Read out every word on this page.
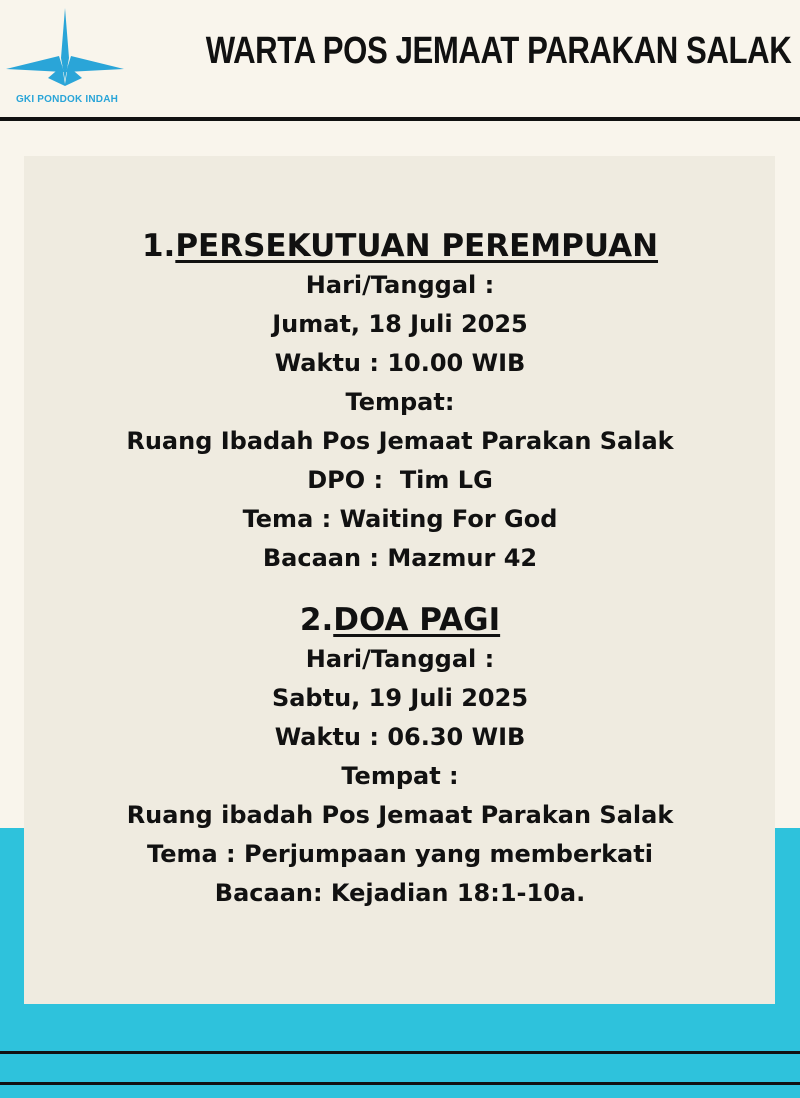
GKI PONDOK INDAH
WARTA POS JEMAAT PARAKAN SALAK

1.PERSEKUTUAN PEREMPUAN

Hari/Tanggal :

Jumat, 18 Juli 2025

Waktu : 10.00 WIB

Tempat:

Ruang Ibadah Pos Jemaat Parakan Salak

DPO :  Tim LG

Tema : Waiting For God

Bacaan : Mazmur 42

2.DOA PAGI

Hari/Tanggal :

Sabtu, 19 Juli 2025

Waktu : 06.30 WIB

Tempat :

Ruang ibadah Pos Jemaat Parakan Salak

Tema : Perjumpaan yang memberkati

Bacaan: Kejadian 18:1-10a.
